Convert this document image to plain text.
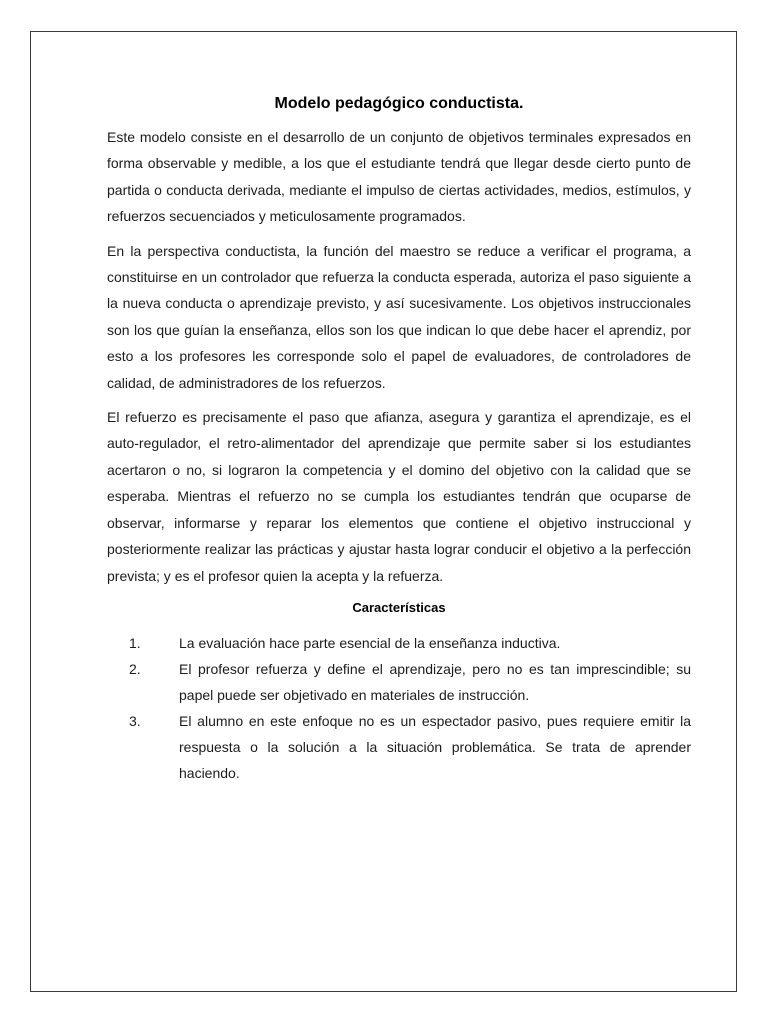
Modelo pedagógico conductista.

Este modelo consiste en el desarrollo de un conjunto de objetivos terminales expresados en forma observable y medible, a los que el estudiante tendrá que llegar desde cierto punto de partida o conducta derivada, mediante el impulso de ciertas actividades, medios, estímulos, y refuerzos secuenciados y meticulosamente programados.

En la perspectiva conductista, la función del maestro se reduce a verificar el programa, a constituirse en un controlador que refuerza la conducta esperada, autoriza el paso siguiente a la nueva conducta o aprendizaje previsto, y así sucesivamente. Los objetivos instruccionales son los que guían la enseñanza, ellos son los que indican lo que debe hacer el aprendiz, por esto a los profesores les corresponde solo el papel de evaluadores, de controladores de calidad, de administradores de los refuerzos.

El refuerzo es precisamente el paso que afianza, asegura y garantiza el aprendizaje, es el auto-regulador, el retro-alimentador del aprendizaje que permite saber si los estudiantes acertaron o no, si lograron la competencia y el domino del objetivo con la calidad que se esperaba. Mientras el refuerzo no se cumpla los estudiantes tendrán que ocuparse de observar, informarse y reparar los elementos que contiene el objetivo instruccional y posteriormente realizar las prácticas y ajustar hasta lograr conducir el objetivo a la perfección prevista; y es el profesor quien la acepta y la refuerza.

Características
1.	La evaluación hace parte esencial de la enseñanza inductiva.
2.	El profesor refuerza y define el aprendizaje, pero no es tan imprescindible; su papel puede ser objetivado en materiales de instrucción.
3.	El alumno en este enfoque no es un espectador pasivo, pues requiere emitir la respuesta o la solución a la situación problemática. Se trata de aprender haciendo.
